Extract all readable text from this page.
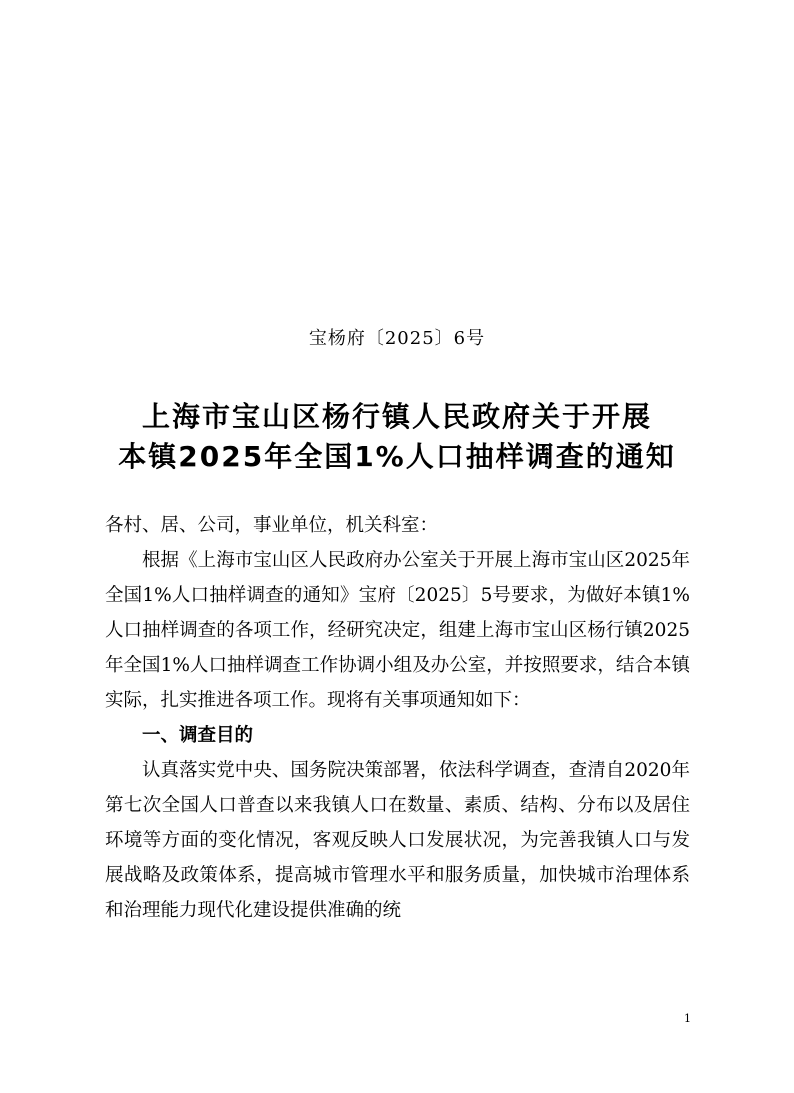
宝杨府〔2025〕6号
上海市宝山区杨行镇人民政府关于开展
本镇2025年全国1%人口抽样调查的通知

各村、居、公司，事业单位，机关科室：

根据《上海市宝山区人民政府办公室关于开展上海市宝山区2025年全国1%人口抽样调查的通知》宝府〔2025〕5号要求，为做好本镇1%人口抽样调查的各项工作，经研究决定，组建上海市宝山区杨行镇2025年全国1%人口抽样调查工作协调小组及办公室，并按照要求，结合本镇实际，扎实推进各项工作。现将有关事项通知如下：

一、调查目的

认真落实党中央、国务院决策部署，依法科学调查，查清自2020年第七次全国人口普查以来我镇人口在数量、素质、结构、分布以及居住环境等方面的变化情况，客观反映人口发展状况，为完善我镇人口与发展战略及政策体系，提高城市管理水平和服务质量，加快城市治理体系和治理能力现代化建设提供准确的统

1
